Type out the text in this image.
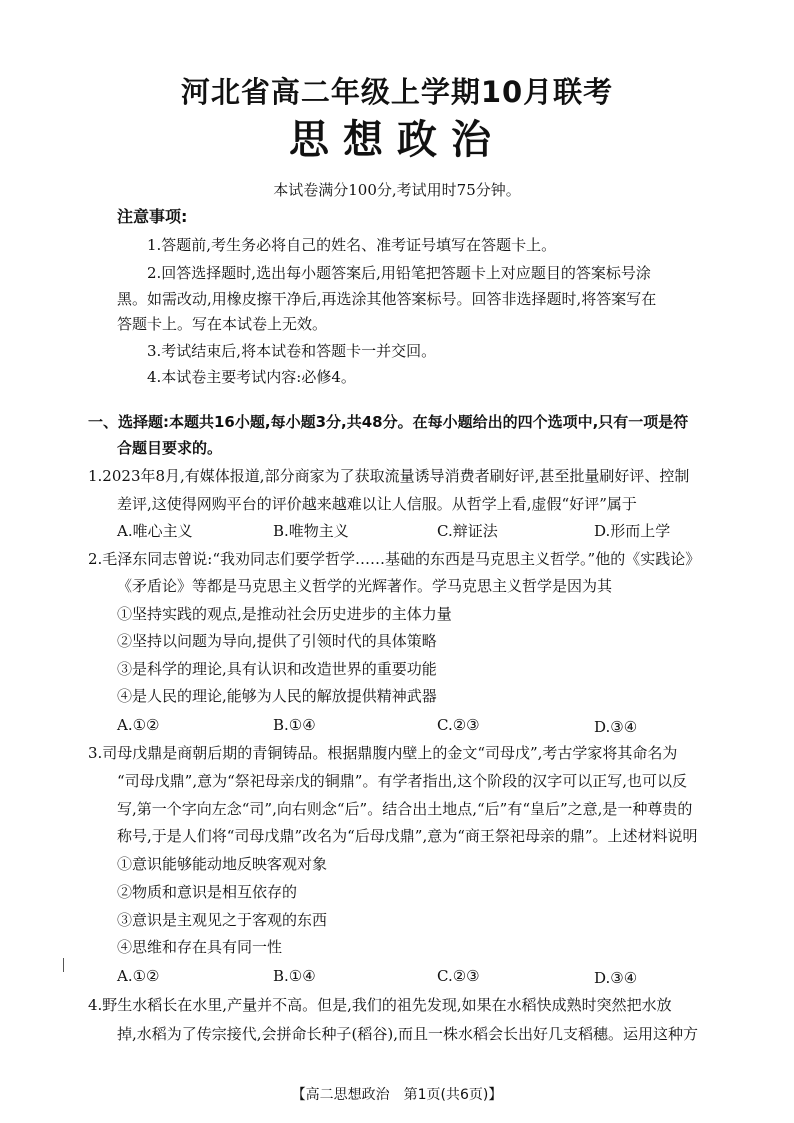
河北省高二年级上学期10月联考
思想政治
本试卷满分100分,考试用时75分钟。
注意事项:
1.答题前,考生务必将自己的姓名、准考证号填写在答题卡上。
2.回答选择题时,选出每小题答案后,用铅笔把答题卡上对应题目的答案标号涂
黑。如需改动,用橡皮擦干净后,再选涂其他答案标号。回答非选择题时,将答案写在
答题卡上。写在本试卷上无效。
3.考试结束后,将本试卷和答题卡一并交回。
4.本试卷主要考试内容:必修4。
一、选择题:本题共16小题,每小题3分,共48分。在每小题给出的四个选项中,只有一项是符
合题目要求的。
1.2023年8月,有媒体报道,部分商家为了获取流量诱导消费者刷好评,甚至批量刷好评、控制
差评,这使得网购平台的评价越来越难以让人信服。从哲学上看,虚假“好评”属于
A.唯心主义	B.唯物主义	C.辩证法	D.形而上学
2.毛泽东同志曾说:“我劝同志们要学哲学……基础的东西是马克思主义哲学。”他的《实践论》
《矛盾论》等都是马克思主义哲学的光辉著作。学马克思主义哲学是因为其
①坚持实践的观点,是推动社会历史进步的主体力量
②坚持以问题为导向,提供了引领时代的具体策略
③是科学的理论,具有认识和改造世界的重要功能
④是人民的理论,能够为人民的解放提供精神武器
A.①②	B.①④	C.②③	D.③④
3.司母戊鼎是商朝后期的青铜铸品。根据鼎腹内壁上的金文“司母戊”,考古学家将其命名为
“司母戊鼎”,意为“祭祀母亲戊的铜鼎”。有学者指出,这个阶段的汉字可以正写,也可以反
写,第一个字向左念“司”,向右则念“后”。结合出土地点,“后”有“皇后”之意,是一种尊贵的
称号,于是人们将“司母戊鼎”改名为“后母戊鼎”,意为“商王祭祀母亲的鼎”。上述材料说明
①意识能够能动地反映客观对象
②物质和意识是相互依存的
③意识是主观见之于客观的东西
④思维和存在具有同一性
A.①②	B.①④	C.②③	D.③④
4.野生水稻长在水里,产量并不高。但是,我们的祖先发现,如果在水稻快成熟时突然把水放
掉,水稻为了传宗接代,会拼命长种子(稻谷),而且一株水稻会长出好几支稻穗。运用这种方
【高二思想政治　第1页(共6页)】
